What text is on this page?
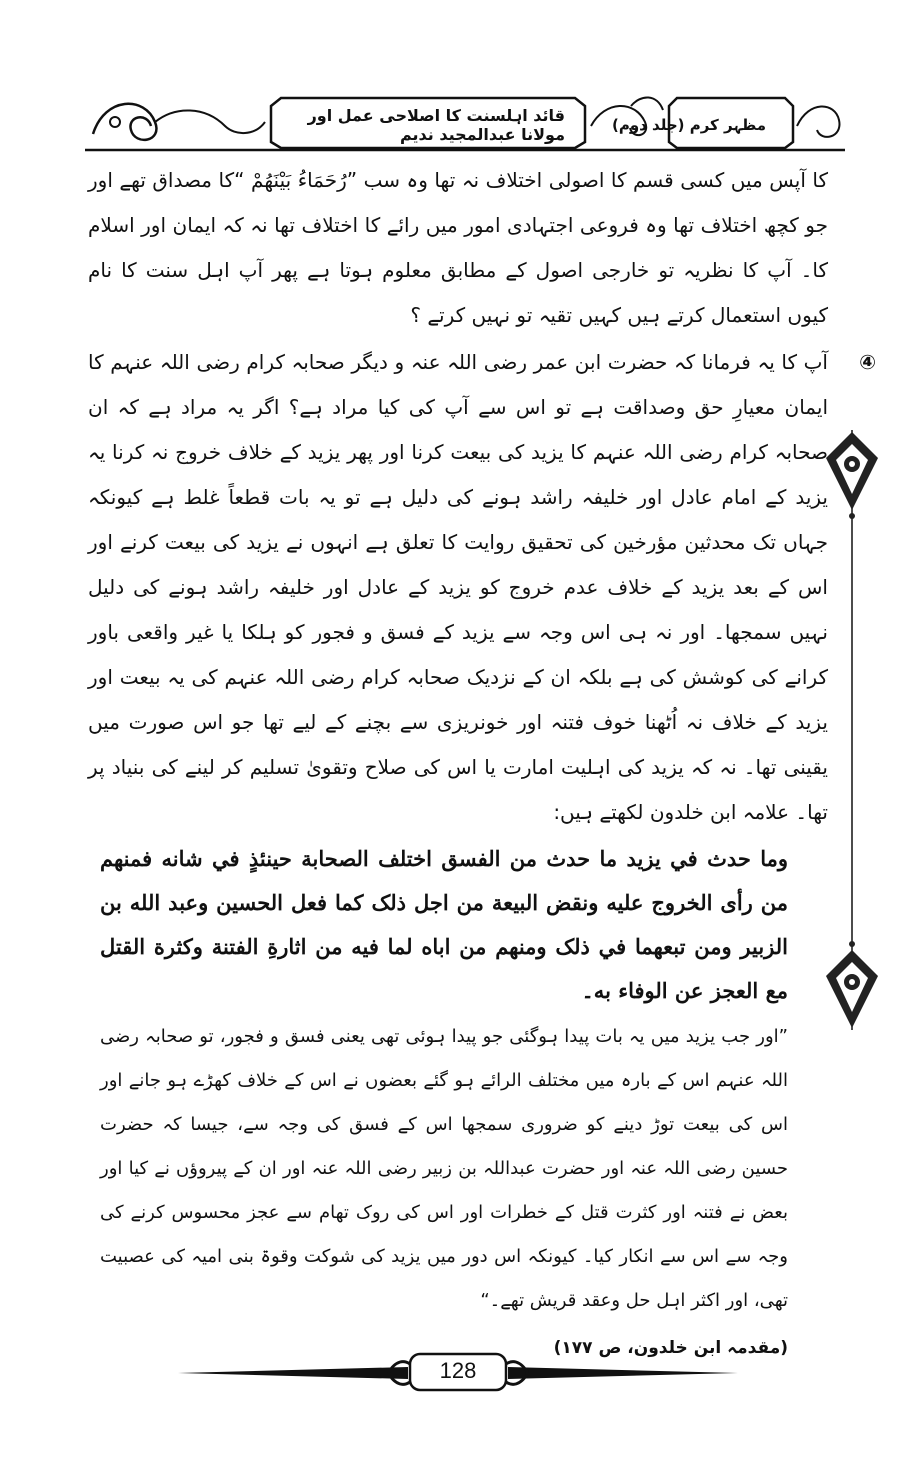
قائد اہلسنت کا اصلاحی عمل اور مولانا عبدالمجید ندیم	مظہر کرم (جلد دوم)

کا آپس میں کسی قسم کا اصولی اختلاف نہ تھا وہ سب ”رُحَمَاءُ بَیْنَھُمْ “کا مصداق تھے اور جو کچھ اختلاف تھا وہ فروعی اجتہادی امور میں رائے کا اختلاف تھا نہ کہ ایمان اور اسلام کا۔ آپ کا نظریہ تو خارجی اصول کے مطابق معلوم ہوتا ہے پھر آپ اہل سنت کا نام کیوں استعمال کرتے ہیں کہیں تقیہ تو نہیں کرتے ؟

④
آپ کا یہ فرمانا کہ حضرت ابن عمر رضی اللہ عنہ و دیگر صحابہ کرام رضی اللہ عنہم کا ایمان معیارِ حق وصداقت ہے تو اس سے آپ کی کیا مراد ہے؟ اگر یہ مراد ہے کہ ان صحابہ کرام رضی اللہ عنہم کا یزید کی بیعت کرنا اور پھر یزید کے خلاف خروج نہ کرنا یہ یزید کے امام عادل اور خلیفہ راشد ہونے کی دلیل ہے تو یہ بات قطعاً غلط ہے کیونکہ جہاں تک محدثین مؤرخین کی تحقیق روایت کا تعلق ہے انہوں نے یزید کی بیعت کرنے اور اس کے بعد یزید کے خلاف عدم خروج کو یزید کے عادل اور خلیفہ راشد ہونے کی دلیل نہیں سمجھا۔ اور نہ ہی اس وجہ سے یزید کے فسق و فجور کو ہلکا یا غیر واقعی باور کرانے کی کوشش کی ہے بلکہ ان کے نزدیک صحابہ کرام رضی اللہ عنہم کی یہ بیعت اور یزید کے خلاف نہ اُٹھنا خوف فتنہ اور خونریزی سے بچنے کے لیے تھا جو اس صورت میں یقینی تھا۔ نہ کہ یزید کی اہلیت امارت یا اس کی صلاح وتقویٰ تسلیم کر لینے کی بنیاد پر تھا۔ علامہ ابن خلدون لکھتے ہیں:

وما حدث في يزيد ما حدث من الفسق اختلف الصحابة حينئذٍ في شانه فمنهم من رأى الخروج عليه ونقض البيعة من اجل ذلک کما فعل الحسين وعبد الله بن الزبير ومن تبعهما في ذلک ومنهم من اباه لما فيه من اثارةِ الفتنة وکثرة القتل مع العجز عن الوفاء به۔

”اور جب یزید میں یہ بات پیدا ہوگئی جو پیدا ہوئی تھی یعنی فسق و فجور، تو صحابہ رضی اللہ عنہم اس کے بارہ میں مختلف الرائے ہو گئے بعضوں نے اس کے خلاف کھڑے ہو جانے اور اس کی بیعت توڑ دینے کو ضروری سمجھا اس کے فسق کی وجہ سے، جیسا کہ حضرت حسین رضی اللہ عنہ اور حضرت عبداللہ بن زبیر رضی اللہ عنہ اور ان کے پیروؤں نے کیا اور بعض نے فتنہ اور کثرت قتل کے خطرات اور اس کی روک تھام سے عجز محسوس کرنے کی وجہ سے اس سے انکار کیا۔ کیونکہ اس دور میں یزید کی شوکت وقوۃ بنی امیہ کی عصبیت تھی، اور اکثر اہل حل وعقد قریش تھے۔“

(مقدمہ ابن خلدون، ص ۱۷۷)

128
